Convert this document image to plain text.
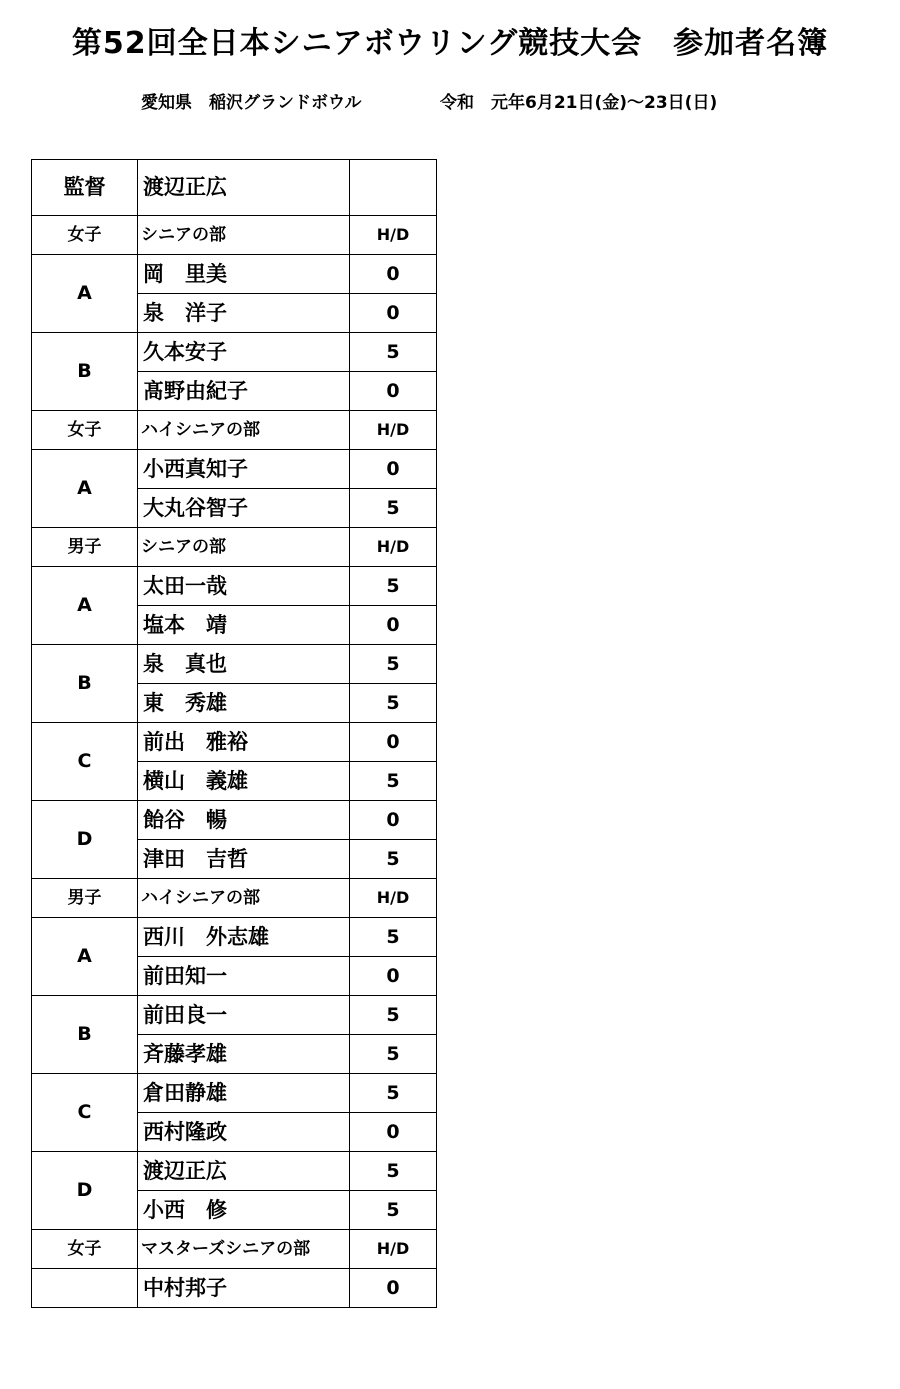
第52回全日本シニアボウリング競技大会　参加者名簿
愛知県　稲沢グランドボウル	令和　元年6月21日(金)～23日(日)
監督	渡辺正広	
女子	シニアの部	H/D
A	岡　里美	0
	泉　洋子	0
B	久本安子	5
	髙野由紀子	0
女子	ハイシニアの部	H/D
A	小西真知子	0
	大丸谷智子	5
男子	シニアの部	H/D
A	太田一哉	5
	塩本　靖	0
B	泉　真也	5
	東　秀雄	5
C	前出　雅裕	0
	横山　義雄	5
D	飴谷　暢	0
	津田　吉哲	5
男子	ハイシニアの部	H/D
A	西川　外志雄	5
	前田知一	0
B	前田良一	5
	斉藤孝雄	5
C	倉田静雄	5
	西村隆政	0
D	渡辺正広	5
	小西　修	5
女子	マスターズシニアの部	H/D
	中村邦子	0
